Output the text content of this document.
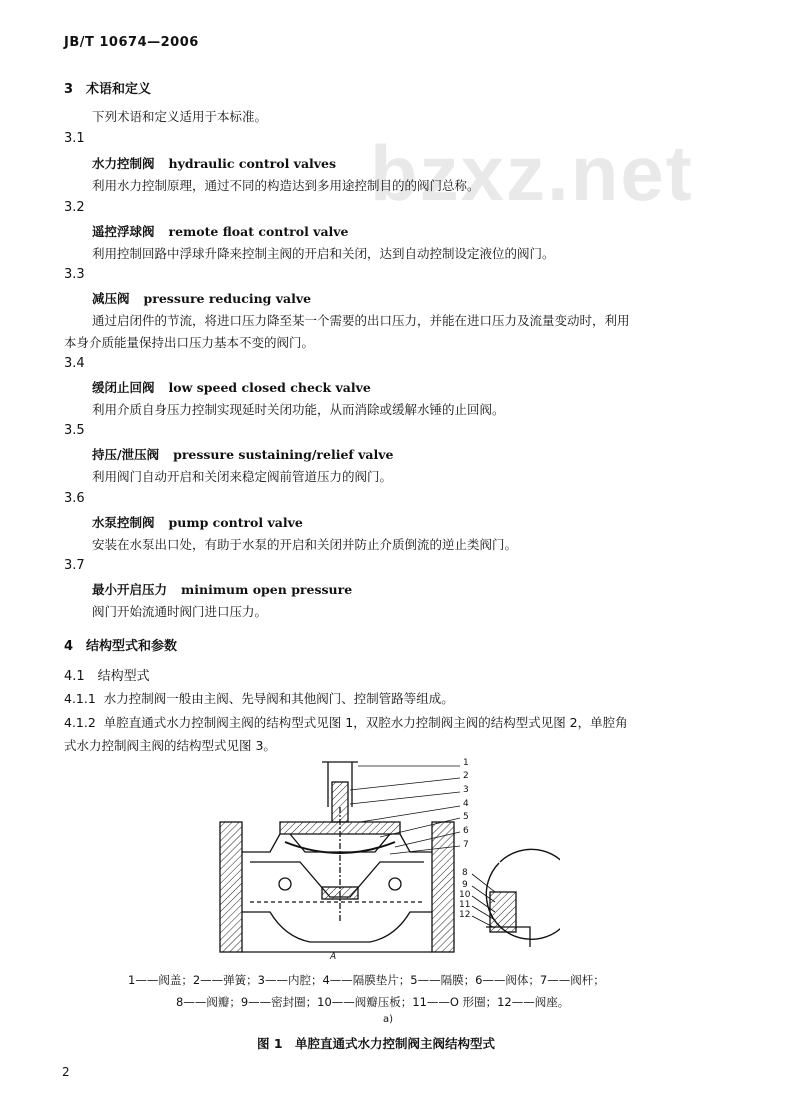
bzxz.net
JB/T 10674—2006
3　术语和定义
下列术语和定义适用于本标准。
3.1
水力控制阀 hydraulic control valves
利用水力控制原理，通过不同的构造达到多用途控制目的的阀门总称。
3.2
遥控浮球阀 remote float control valve
利用控制回路中浮球升降来控制主阀的开启和关闭，达到自动控制设定液位的阀门。
3.3
减压阀 pressure reducing valve
通过启闭件的节流，将进口压力降至某一个需要的出口压力，并能在进口压力及流量变动时，利用
本身介质能量保持出口压力基本不变的阀门。
3.4
缓闭止回阀 low speed closed check valve
利用介质自身压力控制实现延时关闭功能，从而消除或缓解水锤的止回阀。
3.5
持压/泄压阀 pressure sustaining/relief valve
利用阀门自动开启和关闭来稳定阀前管道压力的阀门。
3.6
水泵控制阀 pump control valve
安装在水泵出口处，有助于水泵的开启和关闭并防止介质倒流的逆止类阀门。
3.7
最小开启压力 minimum open pressure
阀门开始流通时阀门进口压力。
4　结构型式和参数
4.1　结构型式
4.1.1 水力控制阀一般由主阀、先导阀和其他阀门、控制管路等组成。
4.1.2 单腔直通式水力控制阀主阀的结构型式见图 1，双腔水力控制阀主阀的结构型式见图 2，单腔角
式水力控制阀主阀的结构型式见图 3。
1
2
3
4
5
6
7
8
9
10
11
12
A
1——阀盖；2——弹簧；3——内腔；4——隔膜垫片；5——隔膜；6——阀体；7——阀杆；
8——阀瓣；9——密封圈；10——阀瓣压板；11——O 形圈；12——阀座。
a)
图 1　单腔直通式水力控制阀主阀结构型式
2
